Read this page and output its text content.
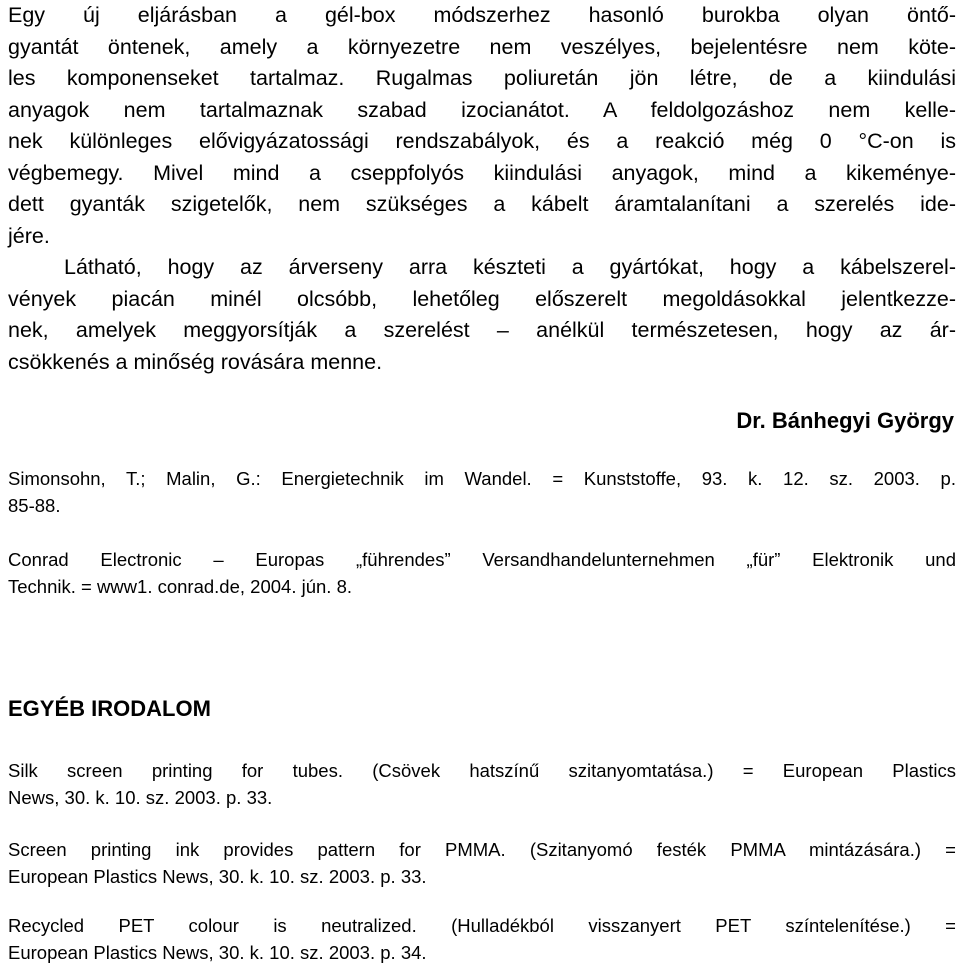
Egy új eljárásban a gél-box módszerhez hasonló burokba olyan öntő-
gyantát öntenek, amely a környezetre nem veszélyes, bejelentésre nem köte-
les komponenseket tartalmaz. Rugalmas poliuretán jön létre, de a kiindulási
anyagok nem tartalmaznak szabad izocianátot. A feldolgozáshoz nem kelle-
nek különleges elővigyázatossági rendszabályok, és a reakció még 0 °C-on is
végbemegy. Mivel mind a cseppfolyós kiindulási anyagok, mind a kikeménye-
dett gyanták szigetelők, nem szükséges a kábelt áramtalanítani a szerelés ide-
jére.
Látható, hogy az árverseny arra készteti a gyártókat, hogy a kábelszerel-
vények piacán minél olcsóbb, lehetőleg előszerelt megoldásokkal jelentkezze-
nek, amelyek meggyorsítják a szerelést – anélkül természetesen, hogy az ár-
csökkenés a minőség rovására menne.
Dr. Bánhegyi György
Simonsohn, T.; Malin, G.: Energietechnik im Wandel. = Kunststoffe, 93. k. 12. sz. 2003. p.
85-88.
Conrad Electronic – Europas „führendes” Versandhandelunternehmen „für” Elektronik und
Technik. = www1. conrad.de, 2004. jún. 8.
EGYÉB IRODALOM
Silk screen printing for tubes. (Csövek hatszínű szitanyomtatása.) = European Plastics
News, 30. k. 10. sz. 2003. p. 33.
Screen printing ink provides pattern for PMMA. (Szitanyomó festék PMMA mintázására.) =
European Plastics News, 30. k. 10. sz. 2003. p. 33.
Recycled PET colour is neutralized. (Hulladékból visszanyert PET színtelenítése.) =
European Plastics News, 30. k. 10. sz. 2003. p. 34.
